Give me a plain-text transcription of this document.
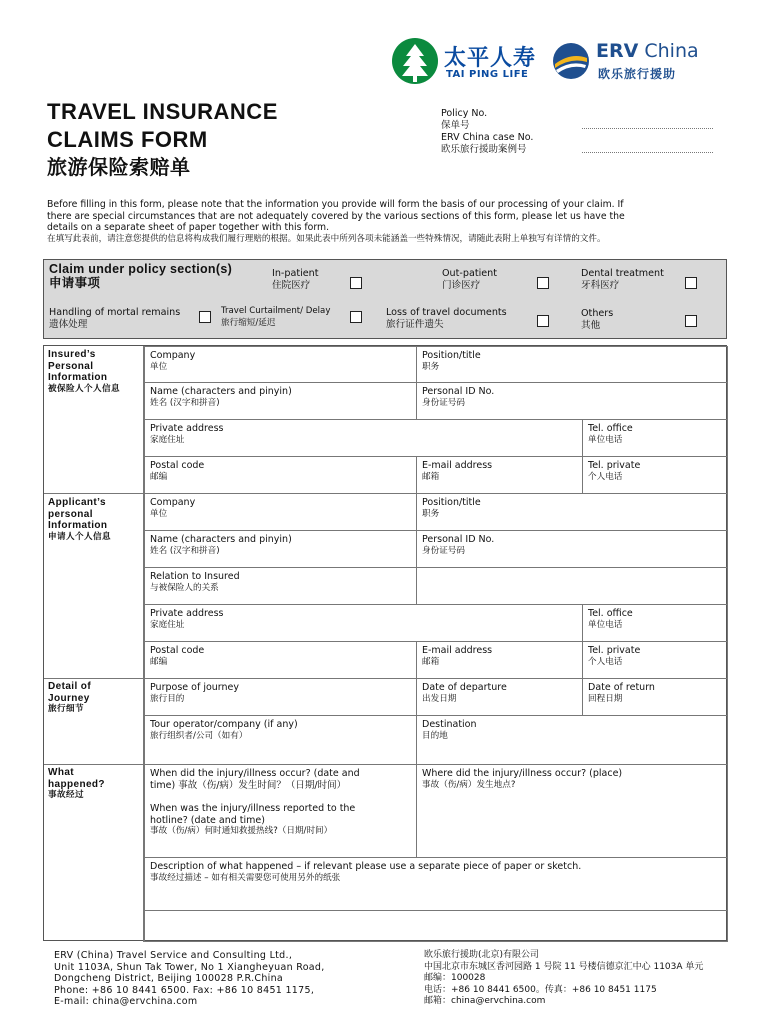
太平人寿
TAI PING LIFE
ERV China
欧乐旅行援助
TRAVEL INSURANCE
CLAIMS FORM
旅游保险索赔单
Policy No.
保单号
ERV China case No.
欧乐旅行援助案例号
Before filling in this form, please note that the information you provide will form the basis of our processing of your claim. If
there are special circumstances that are not adequately covered by the various sections of this form, please let us have the
details on a separate sheet of paper together with this form.
在填写此表前，请注意您提供的信息将构成我们履行理赔的根据。如果此表中所列各项未能涵盖一些特殊情况，请随此表附上单独写有详情的文件。
Claim under policy section(s)
申请事项
In-patient
住院医疗
Out-patient
门诊医疗
Dental treatment
牙科医疗
Handling of mortal remains
遗体处理
Travel Curtailment/ Delay
旅行缩短/延迟
Loss of travel documents
旅行证件遗失
Others
其他
Insured’s
Personal
Information
被保险人个人信息
Company
单位
Position/title
职务
Name (characters and pinyin)
姓名 (汉字和拼音)
Personal ID No.
身份证号码
Private address
家庭住址
Tel. office
单位电话
Postal code
邮编
E-mail address
邮箱
Tel. private
个人电话
Applicant’s
personal
Information
申请人个人信息
Company
单位
Position/title
职务
Name (characters and pinyin)
姓名 (汉字和拼音)
Personal ID No.
身份证号码
Relation to Insured
与被保险人的关系
Private address
家庭住址
Tel. office
单位电话
Postal code
邮编
E-mail address
邮箱
Tel. private
个人电话
Detail of
Journey
旅行细节
Purpose of journey
旅行目的
Date of departure
出发日期
Date of return
回程日期
Tour operator/company (if any)
旅行组织者/公司（如有）
Destination
目的地
What
happened?
事故经过
When did the injury/illness occur? (date and
time) 事故（伤/病）发生时间？（日期/时间）
When was the injury/illness reported to the
hotline? (date and time)
事故（伤/病）何时通知救援热线?（日期/时间）
Where did the injury/illness occur? (place)
事故（伤/病）发生地点?
Description of what happened – if relevant please use a separate piece of paper or sketch.
事故经过描述 – 如有相关需要您可使用另外的纸张
ERV (China) Travel Service and Consulting Ltd.,
Unit 1103A, Shun Tak Tower, No 1 Xiangheyuan Road,
Dongcheng District, Beijing 100028 P.R.China
Phone: +86 10 8441 6500. Fax: +86 10 8451 1175,
E-mail: china@ervchina.com
欧乐旅行援助(北京)有限公司
中国北京市东城区香河园路 1 号院 11 号楼信德京汇中心 1103A 单元
邮编：100028
电话：+86 10 8441 6500。传真：+86 10 8451 1175
邮箱：china@ervchina.com
